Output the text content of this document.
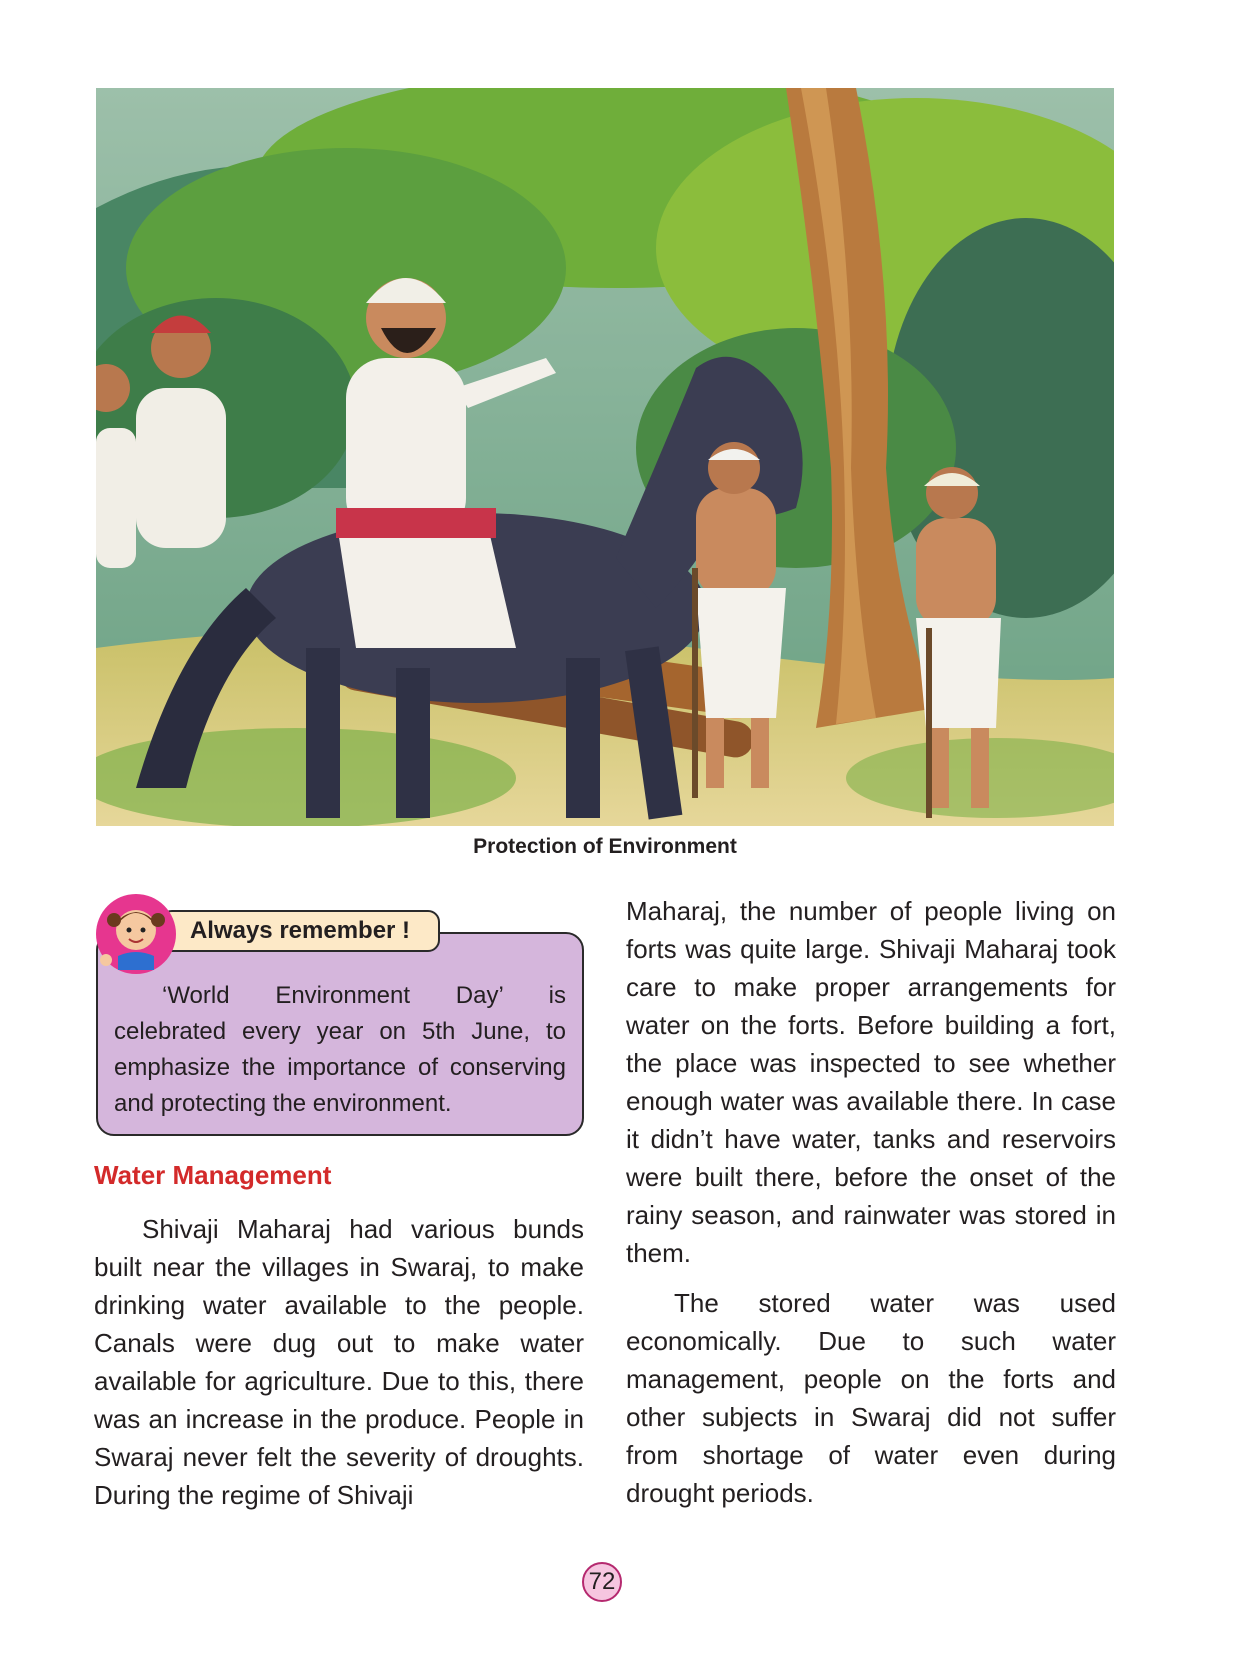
Protection of Environment

‘World Environment Day’ is celebrated every year on 5th June, to emphasize the importance of conserving and protecting the environment.

Always remember !
Water Management

Shivaji Maharaj had various bunds built near the villages in Swaraj, to make drinking water available to the people. Canals were dug out to make water available for agriculture. Due to this, there was an increase in the produce. People in Swaraj never felt the severity of droughts. During the regime of Shivaji

Maharaj, the number of people living on forts was quite large. Shivaji Maharaj took care to make proper arrangements for water on the forts. Before building a fort, the place was inspected to see whether enough water was available there. In case it didn’t have water, tanks and reservoirs were built there, before the onset of the rainy season, and rainwater was stored in them.

The stored water was used economically. Due to such water management, people on the forts and other subjects in Swaraj did not suffer from shortage of water even during drought periods.

72
